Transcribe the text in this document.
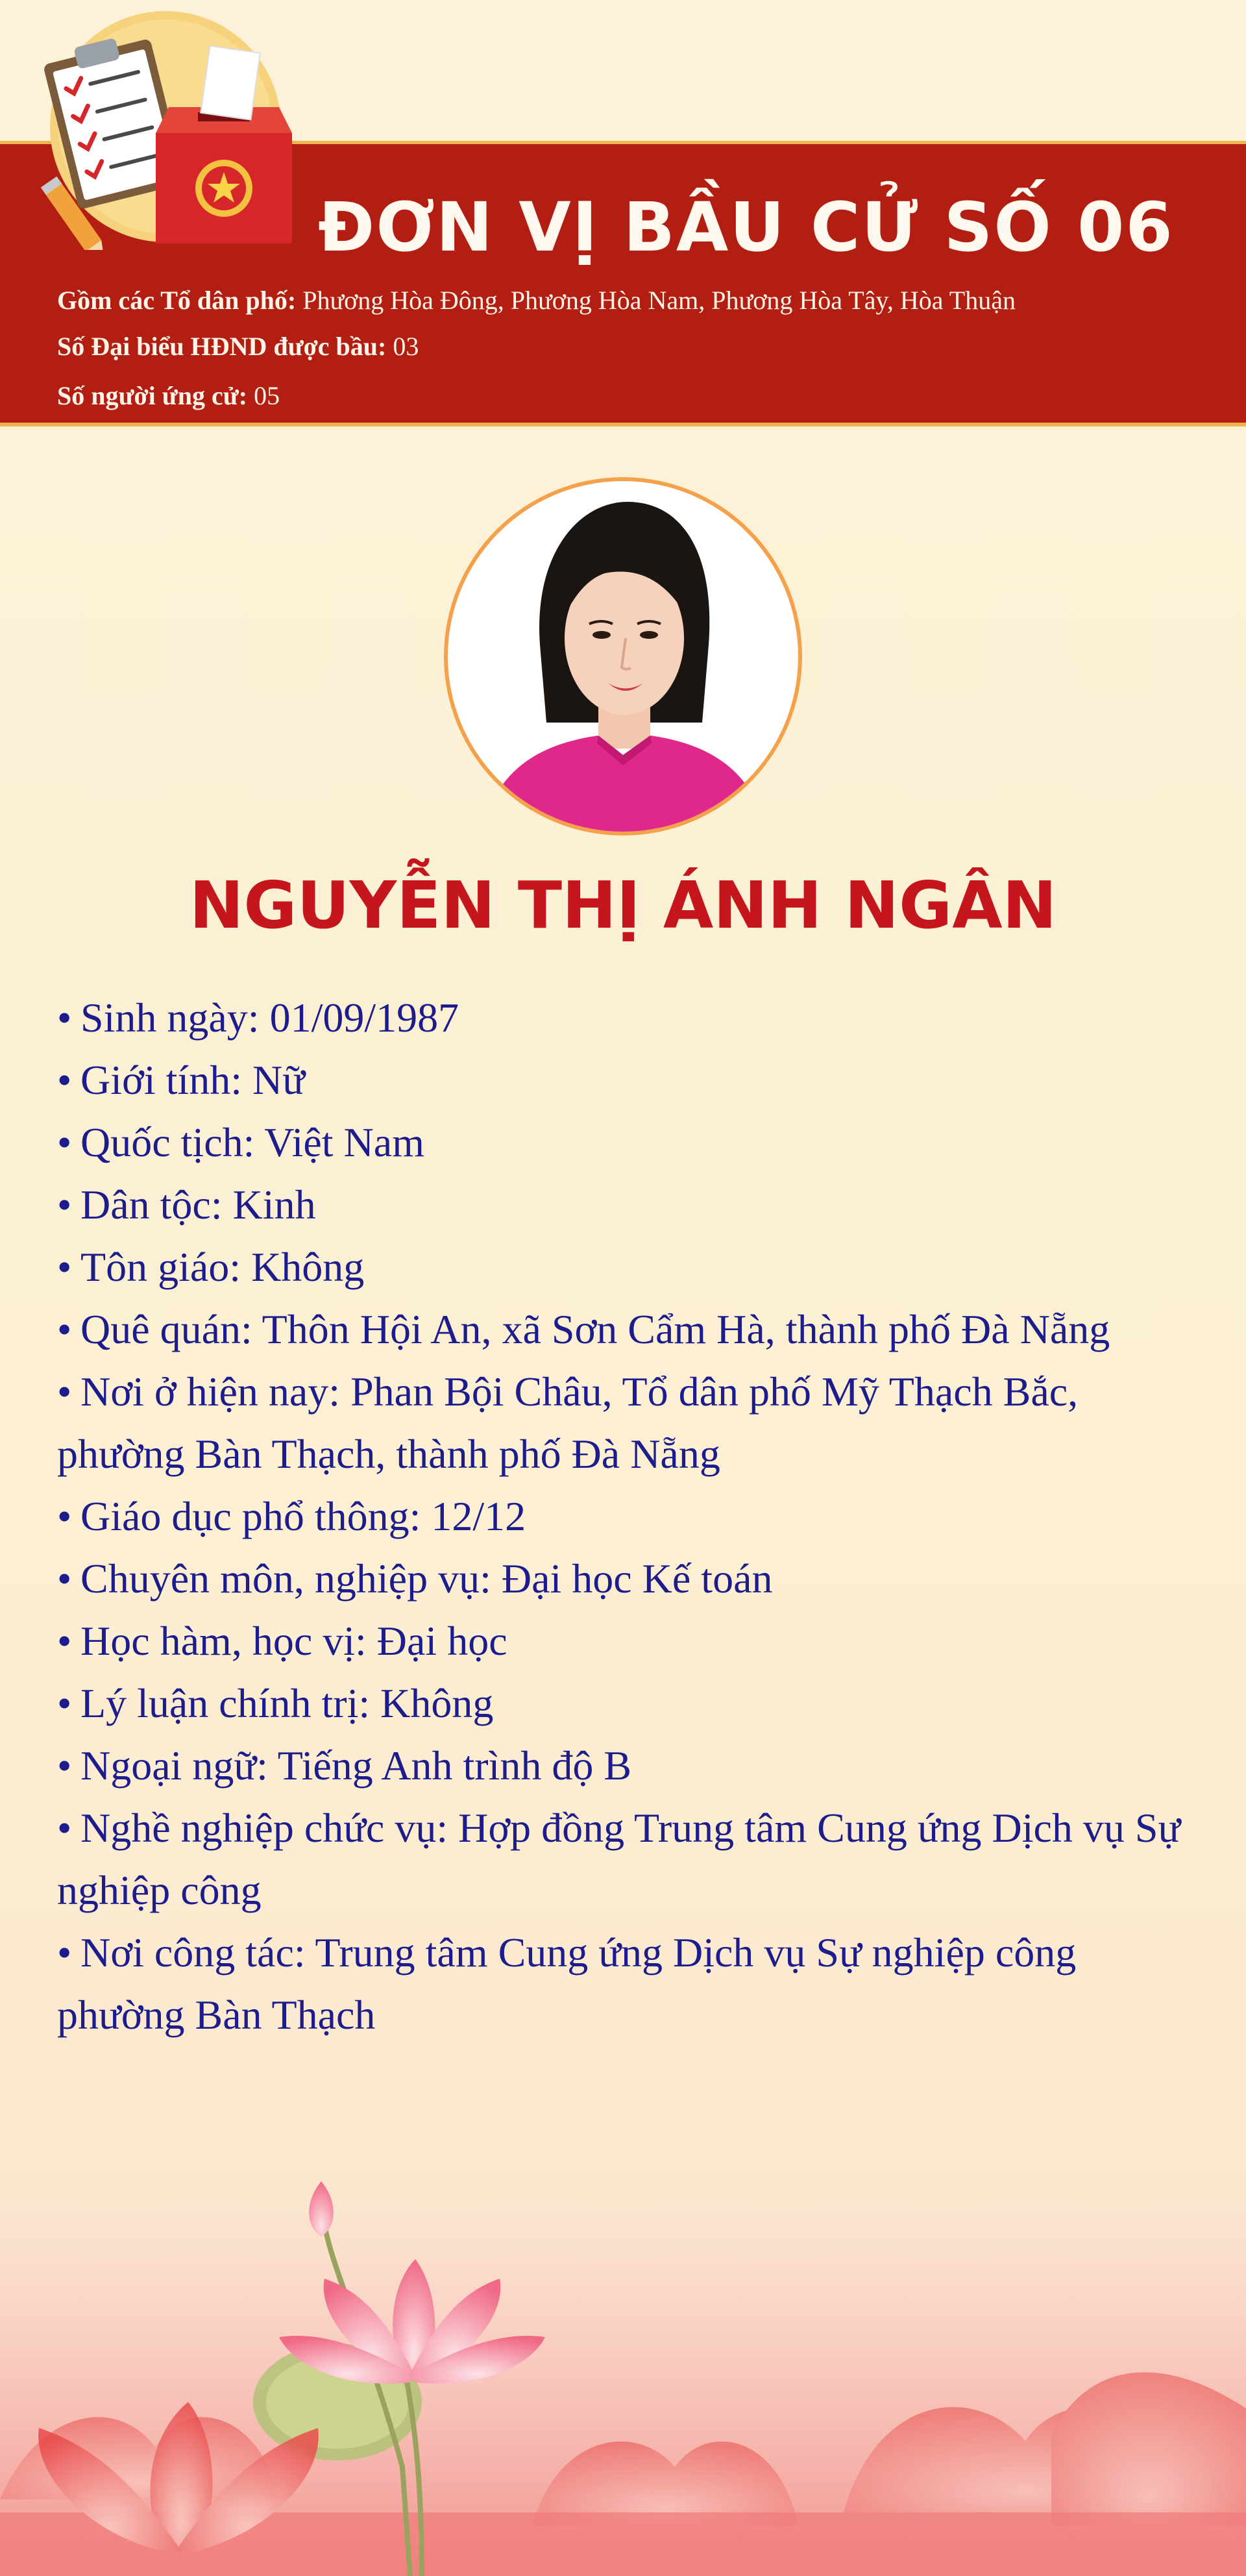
ĐƠN VỊ BẦU CỬ SỐ 06
Gồm các Tổ dân phố: Phương Hòa Đông, Phương Hòa Nam, Phương Hòa Tây, Hòa Thuận
Số Đại biểu HĐND được bầu: 03
Số người ứng cử: 05
NGUYỄN THỊ ÁNH NGÂN
• Sinh ngày: 01/09/1987
• Giới tính: Nữ
• Quốc tịch: Việt Nam
• Dân tộc: Kinh
• Tôn giáo: Không
• Quê quán: Thôn Hội An, xã Sơn Cẩm Hà, thành phố Đà Nẵng
• Nơi ở hiện nay: Phan Bội Châu, Tổ dân phố Mỹ Thạch Bắc, phường Bàn Thạch, thành phố Đà Nẵng
• Giáo dục phổ thông: 12/12
• Chuyên môn, nghiệp vụ: Đại học Kế toán
• Học hàm, học vị: Đại học
• Lý luận chính trị: Không
• Ngoại ngữ: Tiếng Anh trình độ B
• Nghề nghiệp chức vụ: Hợp đồng Trung tâm Cung ứng Dịch vụ Sự nghiệp công
• Nơi công tác: Trung tâm Cung ứng Dịch vụ Sự nghiệp công phường Bàn Thạch
